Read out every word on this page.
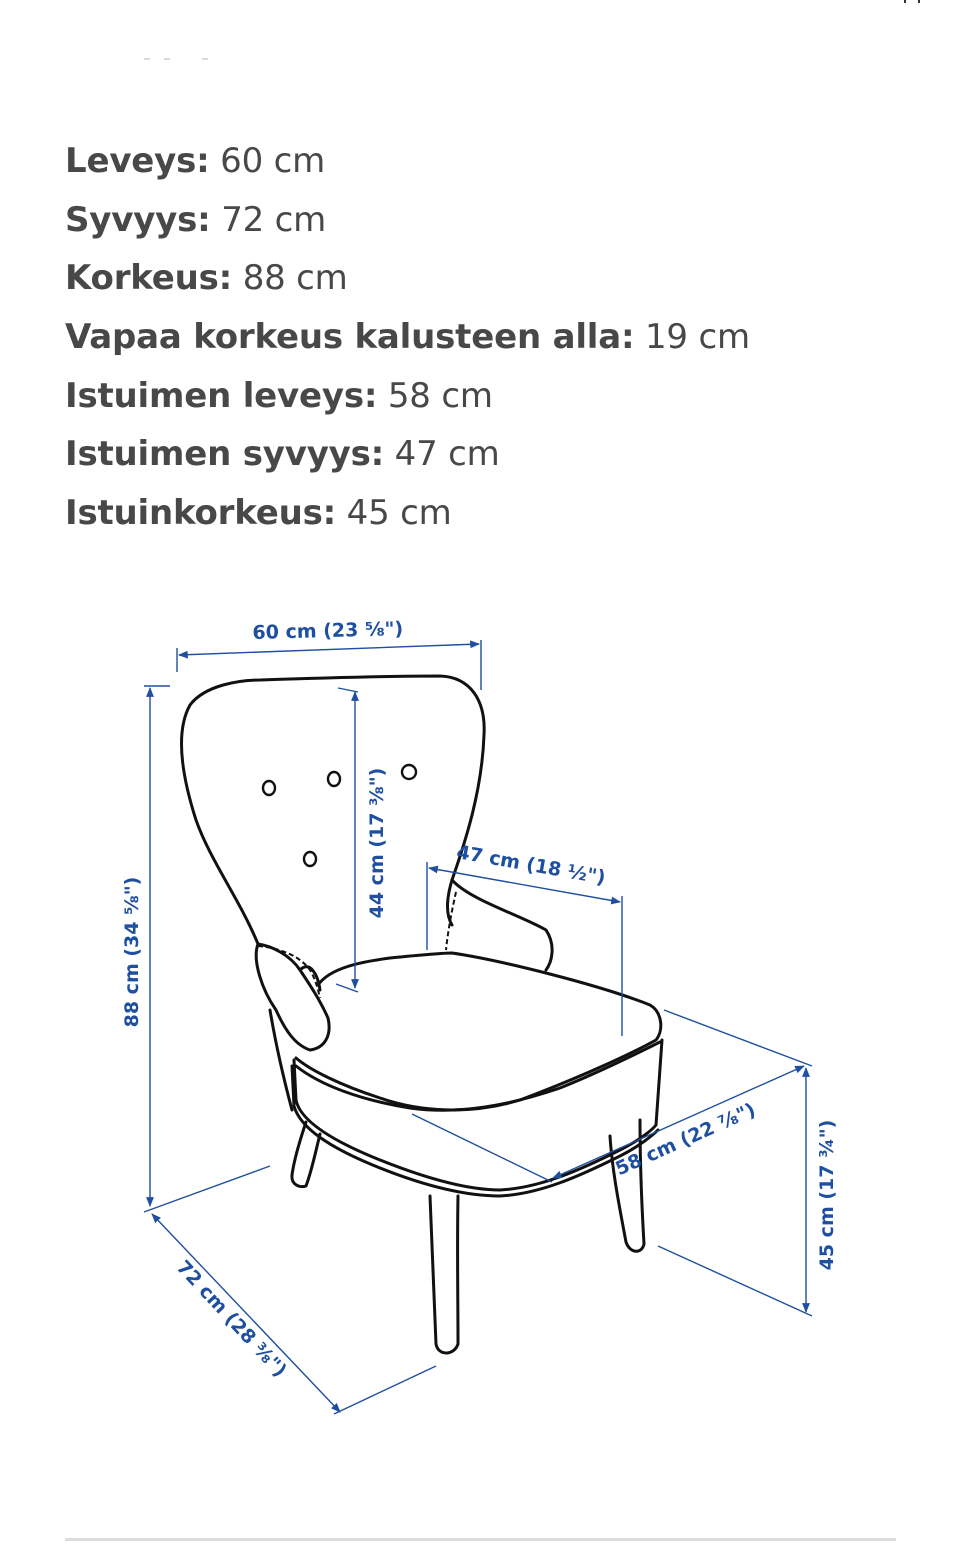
Leveys: 60 cm
Syvyys: 72 cm
Korkeus: 88 cm
Vapaa korkeus kalusteen alla: 19 cm
Istuimen leveys: 58 cm
Istuimen syvyys: 47 cm
Istuinkorkeus: 45 cm
60 cm (23 ⅝")
88 cm (34 ⅝")
44 cm (17 ⅜")	47 cm (18 ½")
58 cm (22 ⅞")	45 cm (17 ¾")
72 cm (28 ⅜")
